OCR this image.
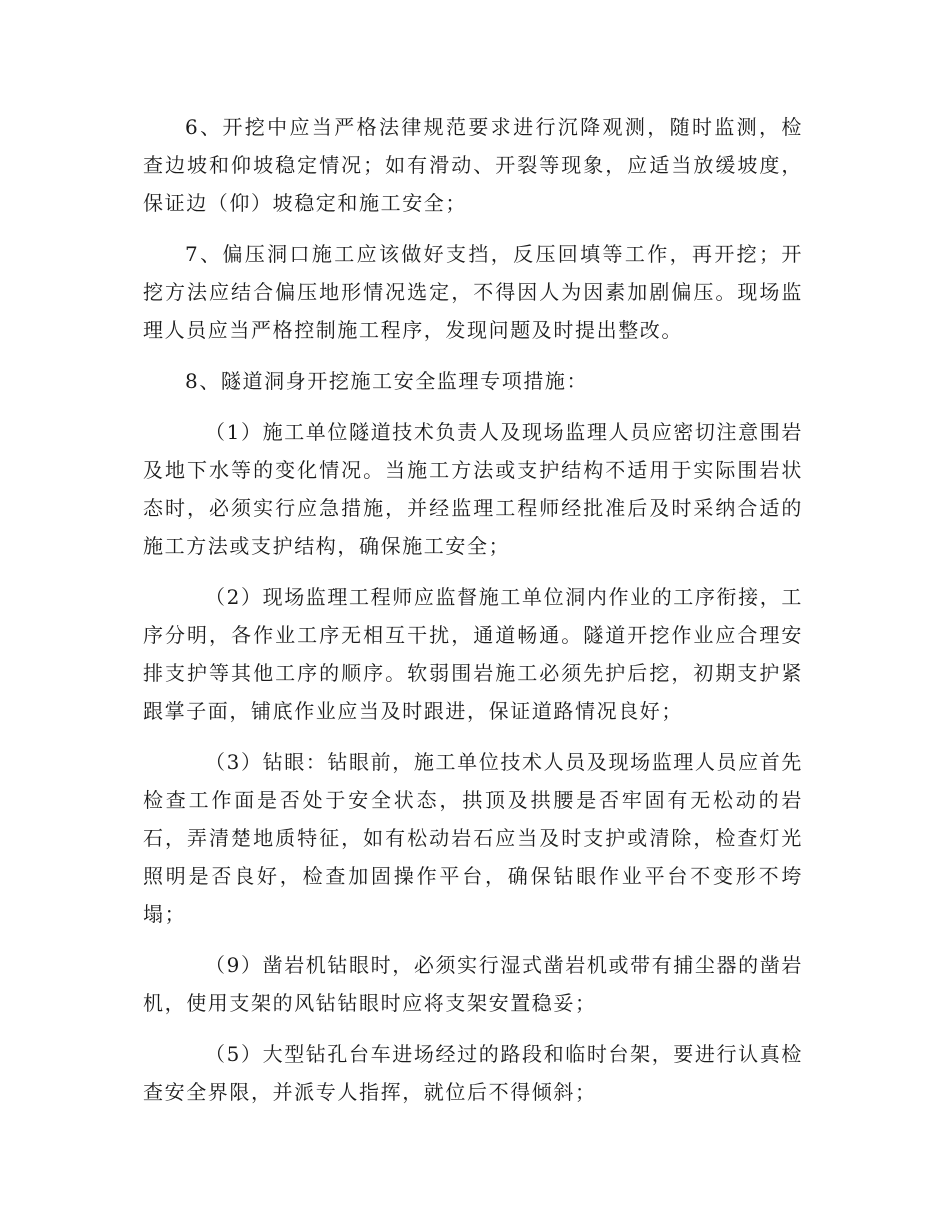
6、开挖中应当严格法律规范要求进行沉降观测，随时监测，检查边坡和仰坡稳定情况；如有滑动、开裂等现象，应适当放缓坡度，保证边（仰）坡稳定和施工安全；

7、偏压洞口施工应该做好支挡，反压回填等工作，再开挖；开挖方法应结合偏压地形情况选定，不得因人为因素加剧偏压。现场监理人员应当严格控制施工程序，发现问题及时提出整改。

8、隧道洞身开挖施工安全监理专项措施：

（1）施工单位隧道技术负责人及现场监理人员应密切注意围岩及地下水等的变化情况。当施工方法或支护结构不适用于实际围岩状态时，必须实行应急措施，并经监理工程师经批准后及时采纳合适的施工方法或支护结构，确保施工安全；

（2）现场监理工程师应监督施工单位洞内作业的工序衔接，工序分明，各作业工序无相互干扰，通道畅通。隧道开挖作业应合理安排支护等其他工序的顺序。软弱围岩施工必须先护后挖，初期支护紧跟掌子面，铺底作业应当及时跟进，保证道路情况良好；

（3）钻眼：钻眼前，施工单位技术人员及现场监理人员应首先检查工作面是否处于安全状态，拱顶及拱腰是否牢固有无松动的岩石，弄清楚地质特征，如有松动岩石应当及时支护或清除，检查灯光照明是否良好，检查加固操作平台，确保钻眼作业平台不变形不垮塌；

（9）凿岩机钻眼时，必须实行湿式凿岩机或带有捕尘器的凿岩机，使用支架的风钻钻眼时应将支架安置稳妥；

（5）大型钻孔台车进场经过的路段和临时台架，要进行认真检查安全界限，并派专人指挥，就位后不得倾斜；
